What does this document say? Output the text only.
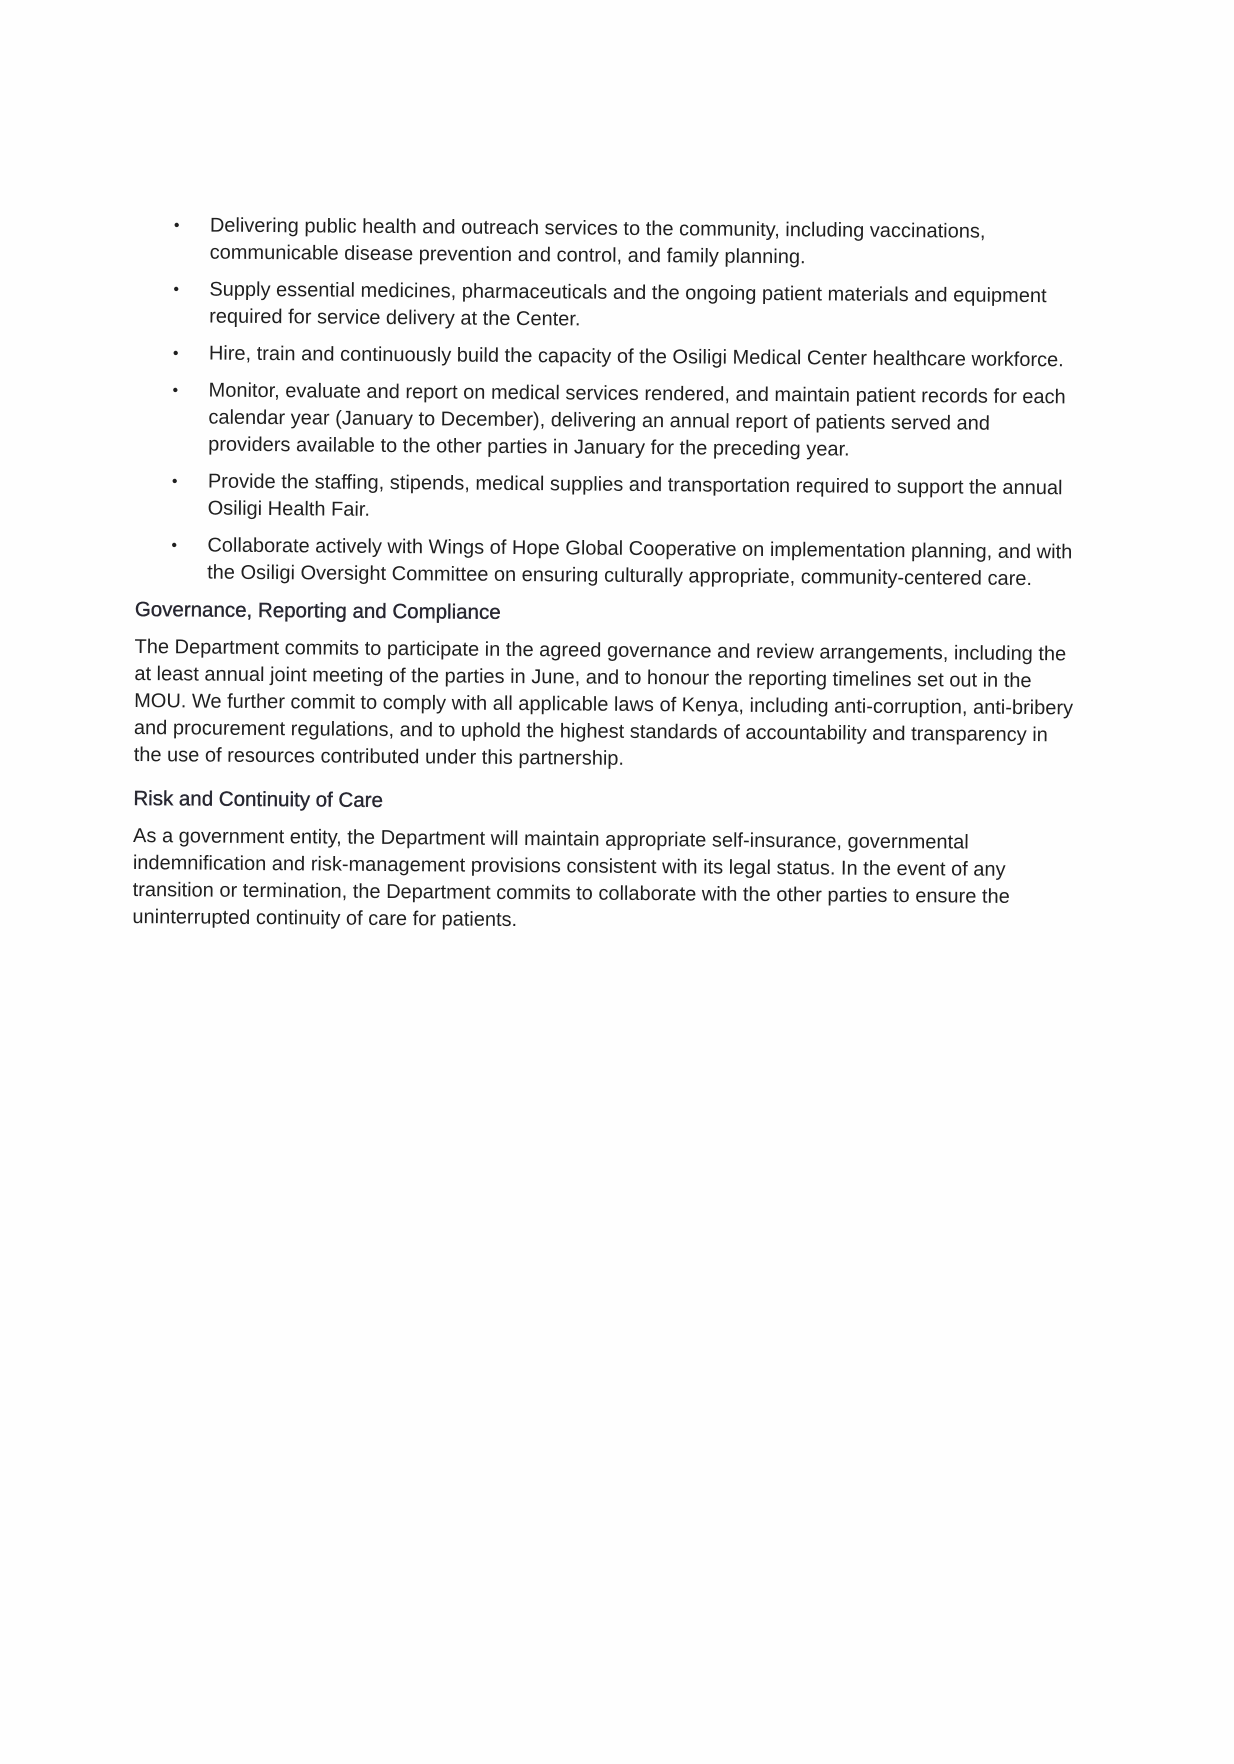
• Delivering public health and outreach services to the community, including vaccinations, communicable disease prevention and control, and family planning.
• Supply essential medicines, pharmaceuticals and the ongoing patient materials and equipment required for service delivery at the Center.
• Hire, train and continuously build the capacity of the Osiligi Medical Center healthcare workforce.
• Monitor, evaluate and report on medical services rendered, and maintain patient records for each calendar year (January to December), delivering an annual report of patients served and providers available to the other parties in January for the preceding year.
• Provide the staffing, stipends, medical supplies and transportation required to support the annual Osiligi Health Fair.
• Collaborate actively with Wings of Hope Global Cooperative on implementation planning, and with the Osiligi Oversight Committee on ensuring culturally appropriate, community-centered care.
Governance, Reporting and Compliance

The Department commits to participate in the agreed governance and review arrangements, including the at least annual joint meeting of the parties in June, and to honour the reporting timelines set out in the MOU. We further commit to comply with all applicable laws of Kenya, including anti-corruption, anti-bribery and procurement regulations, and to uphold the highest standards of accountability and transparency in the use of resources contributed under this partnership.

Risk and Continuity of Care

As a government entity, the Department will maintain appropriate self-insurance, governmental indemnification and risk-management provisions consistent with its legal status. In the event of any transition or termination, the Department commits to collaborate with the other parties to ensure the uninterrupted continuity of care for patients.
